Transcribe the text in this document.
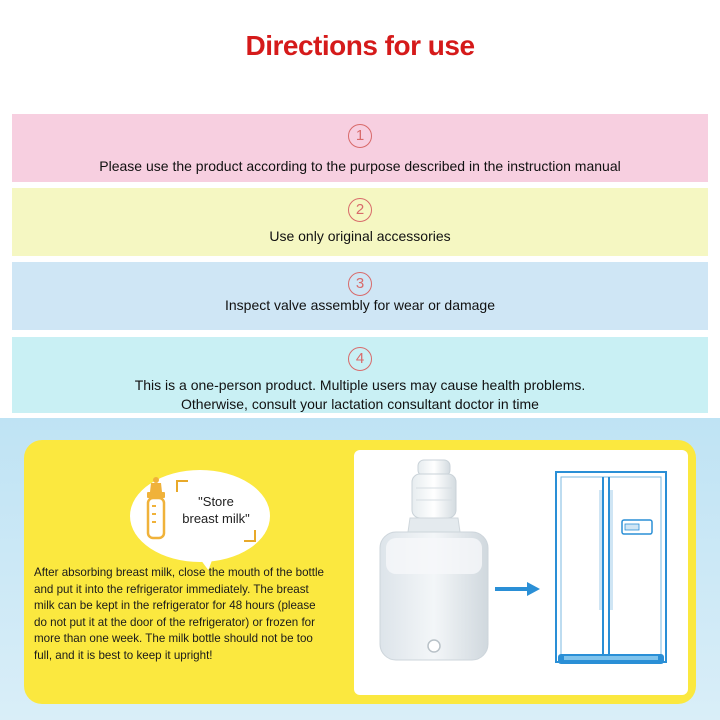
Directions for use
1
Please use the product according to the purpose described in the instruction manual
2
Use only original accessories
3
Inspect valve assembly for wear or damage
4
This is a one-person product. Multiple users may cause health problems.
Otherwise, consult your lactation consultant doctor in time
"Store
breast milk"
After absorbing breast milk, close the mouth of the bottle
and put it into the refrigerator immediately. The breast
milk can be kept in the refrigerator for 48 hours (please
do not put it at the door of the refrigerator) or frozen for
more than one week. The milk bottle should not be too
full, and it is best to keep it upright!
